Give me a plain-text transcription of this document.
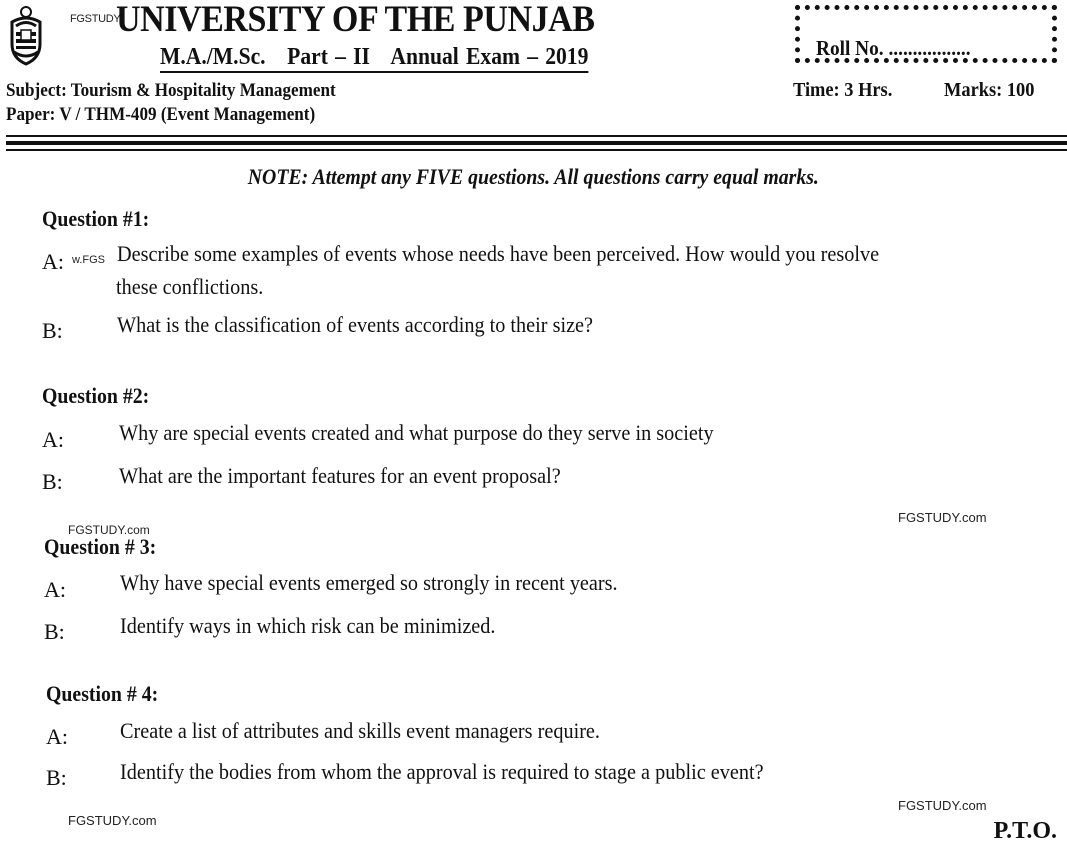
FGSTUDY
UNIVERSITY OF THE PUNJAB
M.A./M.Sc.   Part – II   Annual Exam – 2019
Subject: Tourism & Hospitality Management
Paper: V / THM-409 (Event Management)
Roll No. .................
Time: 3 Hrs.	Marks: 100
NOTE: Attempt any FIVE questions. All questions carry equal marks.
Question #1:
A: w.FGS Describe some examples of events whose needs have been perceived. How would you resolve
these conflictions.
B: What is the classification of events according to their size?
Question #2:
A:	Why are special events created and what purpose do they serve in society
B:	What are the important features for an event proposal?
FGSTUDY.com
FGSTUDY.com
Question # 3:
A: Why have special events emerged so strongly in recent years.
B:	Identify ways in which risk can be minimized.
Question # 4:
A: Create a list of attributes and skills event managers require.
B: Identify the bodies from whom the approval is required to stage a public event?
FGSTUDY.com
FGSTUDY.com	P.T.O.
